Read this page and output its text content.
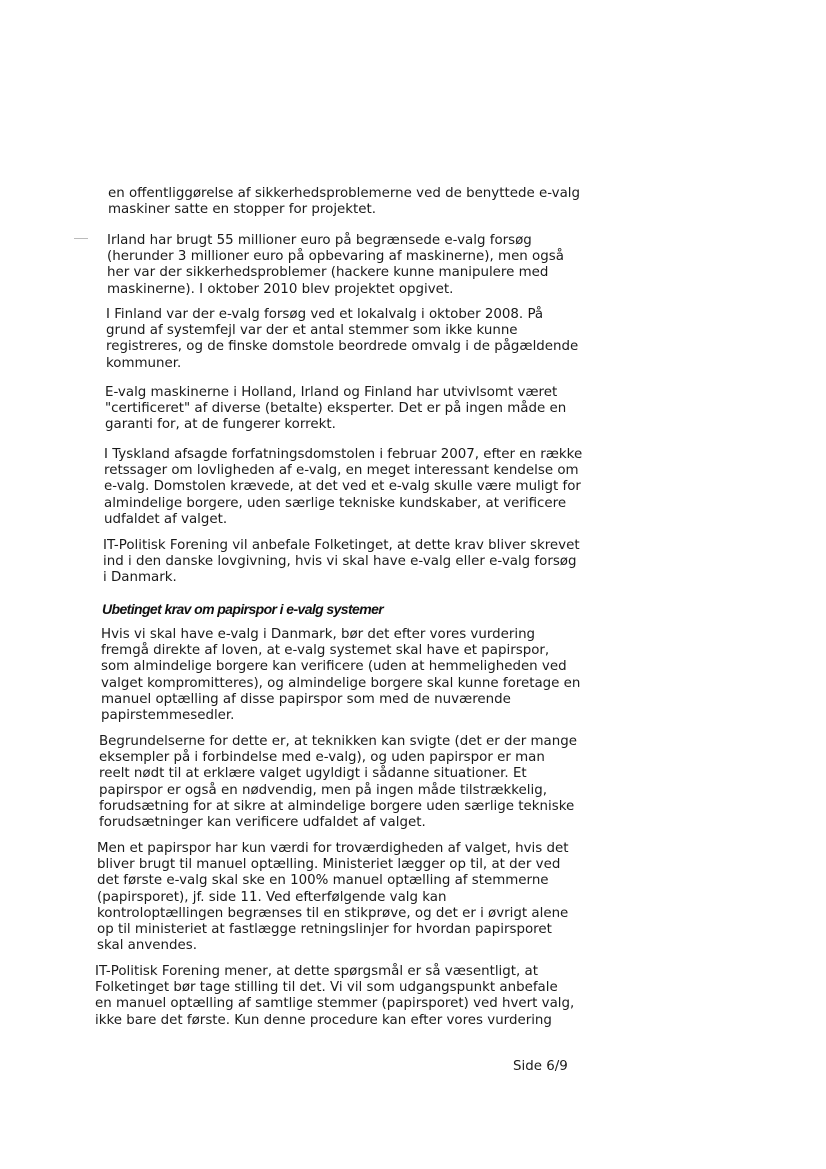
en offentliggørelse af sikkerhedsproblemerne ved de benyttede e-valg
maskiner satte en stopper for projektet.

Irland har brugt 55 millioner euro på begrænsede e-valg forsøg
(herunder 3 millioner euro på opbevaring af maskinerne), men også
her var der sikkerhedsproblemer (hackere kunne manipulere med
maskinerne). I oktober 2010 blev projektet opgivet.

I Finland var der e-valg forsøg ved et lokalvalg i oktober 2008. På
grund af systemfejl var der et antal stemmer som ikke kunne
registreres, og de finske domstole beordrede omvalg i de pågældende
kommuner.

E-valg maskinerne i Holland, Irland og Finland har utvivlsomt været
"certificeret" af diverse (betalte) eksperter. Det er på ingen måde en
garanti for, at de fungerer korrekt.

I Tyskland afsagde forfatningsdomstolen i februar 2007, efter en række
retssager om lovligheden af e-valg, en meget interessant kendelse om
e-valg. Domstolen krævede, at det ved et e-valg skulle være muligt for
almindelige borgere, uden særlige tekniske kundskaber, at verificere
udfaldet af valget.

IT-Politisk Forening vil anbefale Folketinget, at dette krav bliver skrevet
ind i den danske lovgivning, hvis vi skal have e-valg eller e-valg forsøg
i Danmark.

Ubetinget krav om papirspor i e-valg systemer

Hvis vi skal have e-valg i Danmark, bør det efter vores vurdering
fremgå direkte af loven, at e-valg systemet skal have et papirspor,
som almindelige borgere kan verificere (uden at hemmeligheden ved
valget kompromitteres), og almindelige borgere skal kunne foretage en
manuel optælling af disse papirspor som med de nuværende
papirstemmesedler.

Begrundelserne for dette er, at teknikken kan svigte (det er der mange
eksempler på i forbindelse med e-valg), og uden papirspor er man
reelt nødt til at erklære valget ugyldigt i sådanne situationer. Et
papirspor er også en nødvendig, men på ingen måde tilstrækkelig,
forudsætning for at sikre at almindelige borgere uden særlige tekniske
forudsætninger kan verificere udfaldet af valget.

Men et papirspor har kun værdi for troværdigheden af valget, hvis det
bliver brugt til manuel optælling. Ministeriet lægger op til, at der ved
det første e-valg skal ske en 100% manuel optælling af stemmerne
(papirsporet), jf. side 11. Ved efterfølgende valg kan
kontroloptællingen begrænses til en stikprøve, og det er i øvrigt alene
op til ministeriet at fastlægge retningslinjer for hvordan papirsporet
skal anvendes.

IT-Politisk Forening mener, at dette spørgsmål er så væsentligt, at
Folketinget bør tage stilling til det. Vi vil som udgangspunkt anbefale
en manuel optælling af samtlige stemmer (papirsporet) ved hvert valg,
ikke bare det første. Kun denne procedure kan efter vores vurdering

Side 6/9
